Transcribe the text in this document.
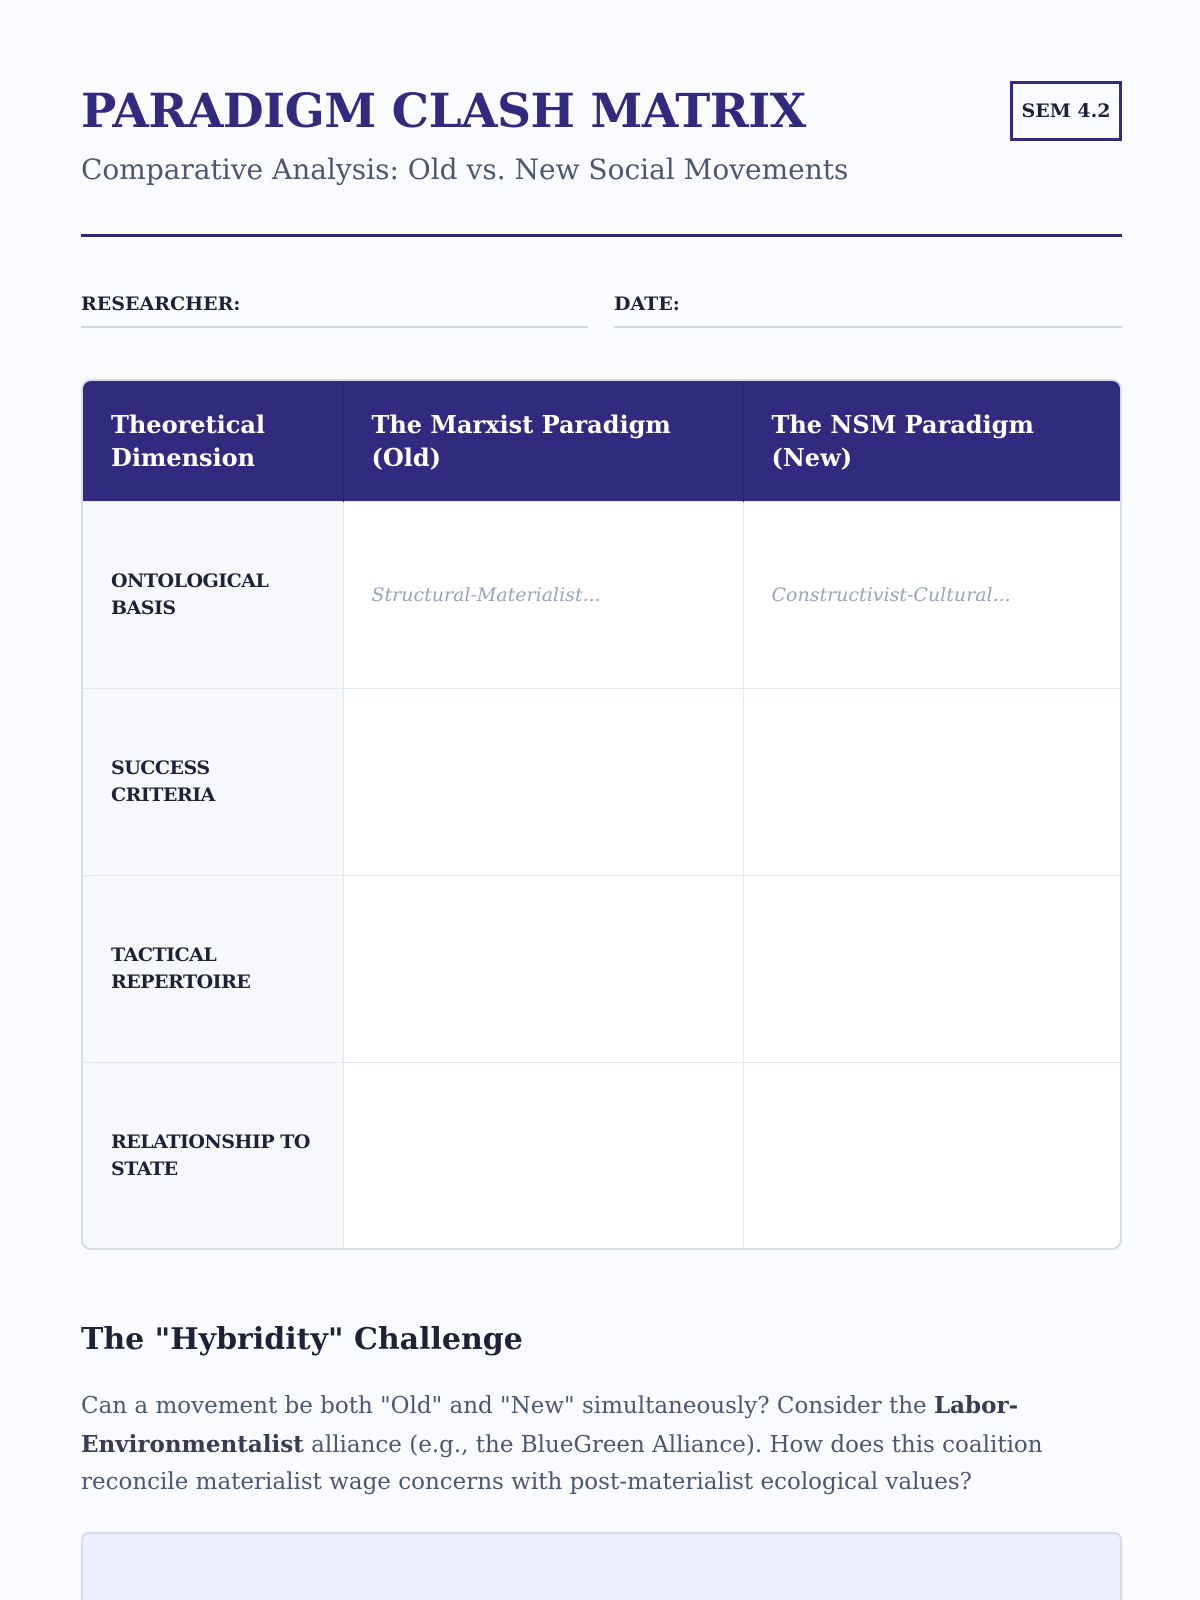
PARADIGM CLASH MATRIX
Comparative Analysis: Old vs. New Social Movements
SEM 4.2
RESEARCHER:	DATE:
Theoretical Dimension	The Marxist Paradigm (Old)	The NSM Paradigm (New)
ONTOLOGICAL BASIS	Structural-Materialist...	Constructivist-Cultural...
SUCCESS CRITERIA		
TACTICAL REPERTOIRE		
RELATIONSHIP TO STATE		
The "Hybridity" Challenge

Can a movement be both "Old" and "New" simultaneously? Consider the Labor-Environmentalist alliance (e.g., the BlueGreen Alliance). How does this coalition reconcile materialist wage concerns with post-materialist ecological values?
